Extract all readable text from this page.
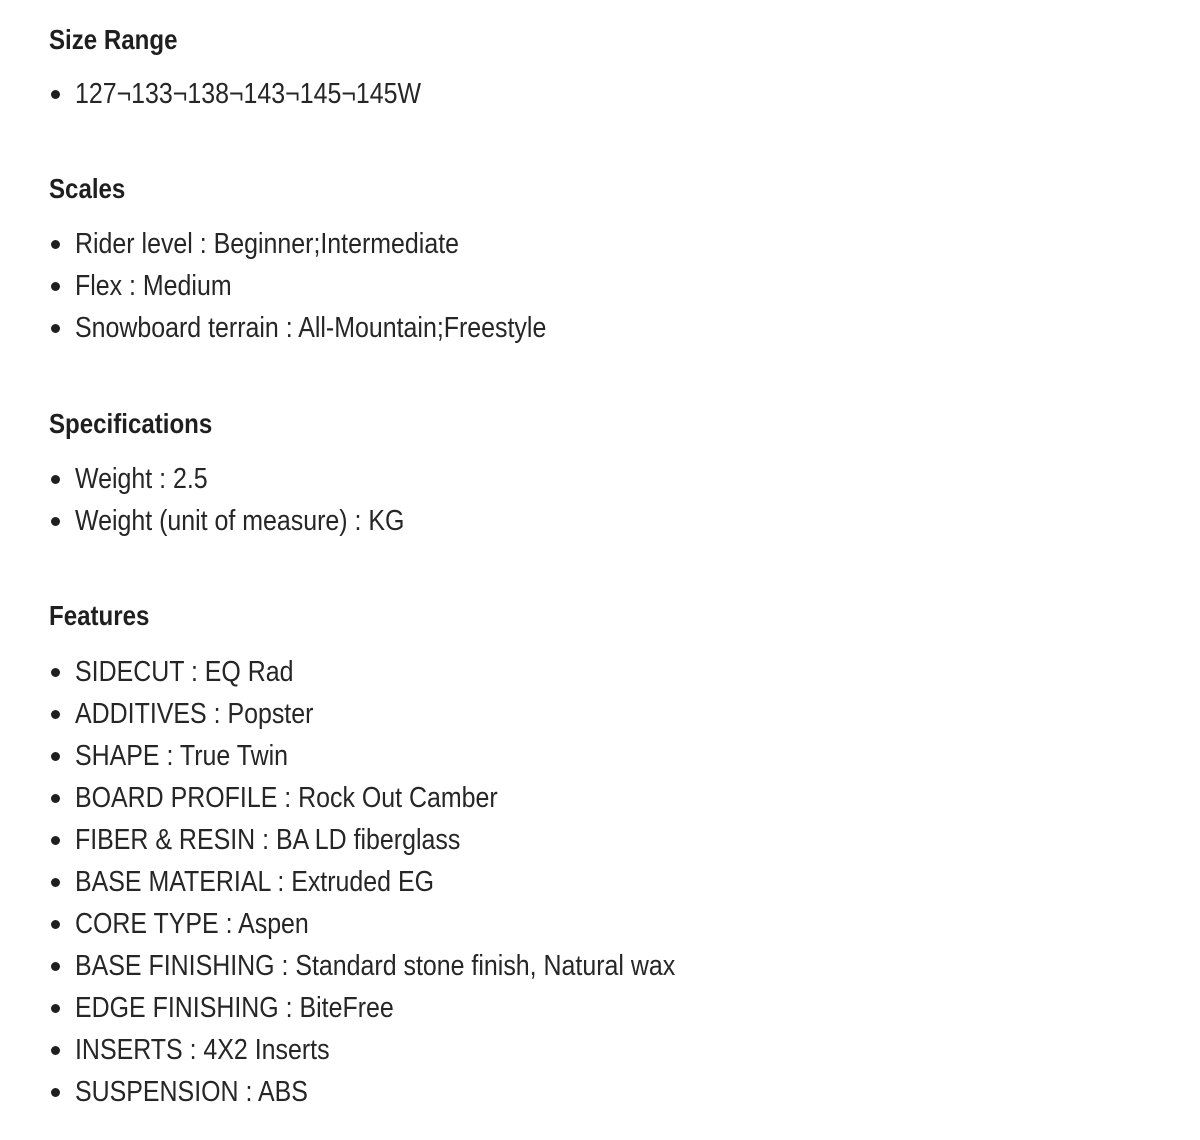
Size Range
127¬133¬138¬143¬145¬145W
Scales
Rider level : Beginner;Intermediate
Flex : Medium
Snowboard terrain : All-Mountain;Freestyle
Specifications
Weight : 2.5
Weight (unit of measure) : KG
Features
SIDECUT : EQ Rad
ADDITIVES : Popster
SHAPE : True Twin
BOARD PROFILE : Rock Out Camber
FIBER & RESIN : BA LD fiberglass
BASE MATERIAL : Extruded EG
CORE TYPE : Aspen
BASE FINISHING : Standard stone finish, Natural wax
EDGE FINISHING : BiteFree
INSERTS : 4X2 Inserts
SUSPENSION : ABS
